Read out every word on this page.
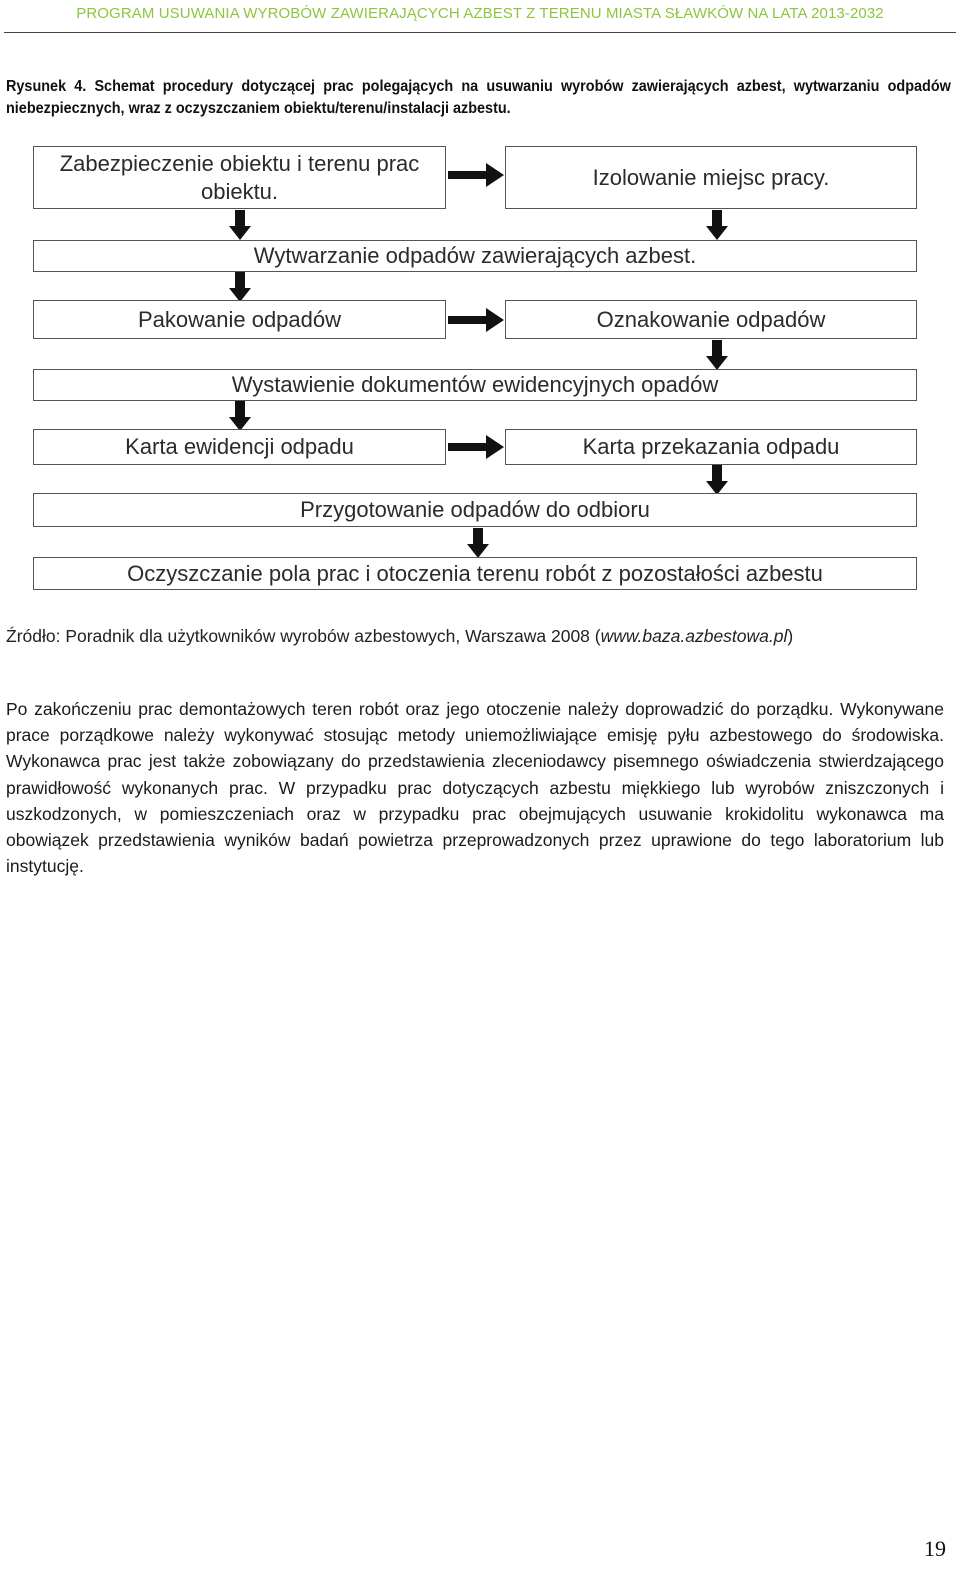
PROGRAM USUWANIA WYROBÓW ZAWIERAJĄCYCH AZBEST Z TERENU MIASTA SŁAWKÓW NA LATA 2013-2032
Rysunek 4. Schemat procedury dotyczącej prac polegających na usuwaniu wyrobów zawierających azbest, wytwarzaniu odpadów niebezpiecznych, wraz z oczyszczaniem obiektu/terenu/instalacji azbestu.
Zabezpieczenie obiektu i terenu prac obiektu.
Izolowanie miejsc pracy.
Wytwarzanie odpadów zawierających azbest.
Pakowanie odpadów	Oznakowanie odpadów
Wystawienie dokumentów ewidencyjnych opadów
Karta ewidencji odpadu	Karta przekazania odpadu
Przygotowanie odpadów do odbioru
Oczyszczanie pola prac i otoczenia terenu robót z pozostałości azbestu
Źródło: Poradnik dla użytkowników wyrobów azbestowych, Warszawa 2008 (www.baza.azbestowa.pl)
Po zakończeniu prac demontażowych teren robót oraz jego otoczenie należy doprowadzić do porządku. Wykonywane prace porządkowe należy wykonywać stosując metody uniemożliwiające emisję pyłu azbestowego do środowiska. Wykonawca prac jest także zobowiązany do przedstawienia zleceniodawcy pisemnego oświadczenia stwierdzającego prawidłowość wykonanych prac. W przypadku prac dotyczących azbestu miękkiego lub wyrobów zniszczonych i uszkodzonych, w pomieszczeniach oraz w przypadku prac obejmujących usuwanie krokidolitu wykonawca ma obowiązek przedstawienia wyników badań powietrza przeprowadzonych przez uprawione do tego laboratorium lub instytucję.
19
